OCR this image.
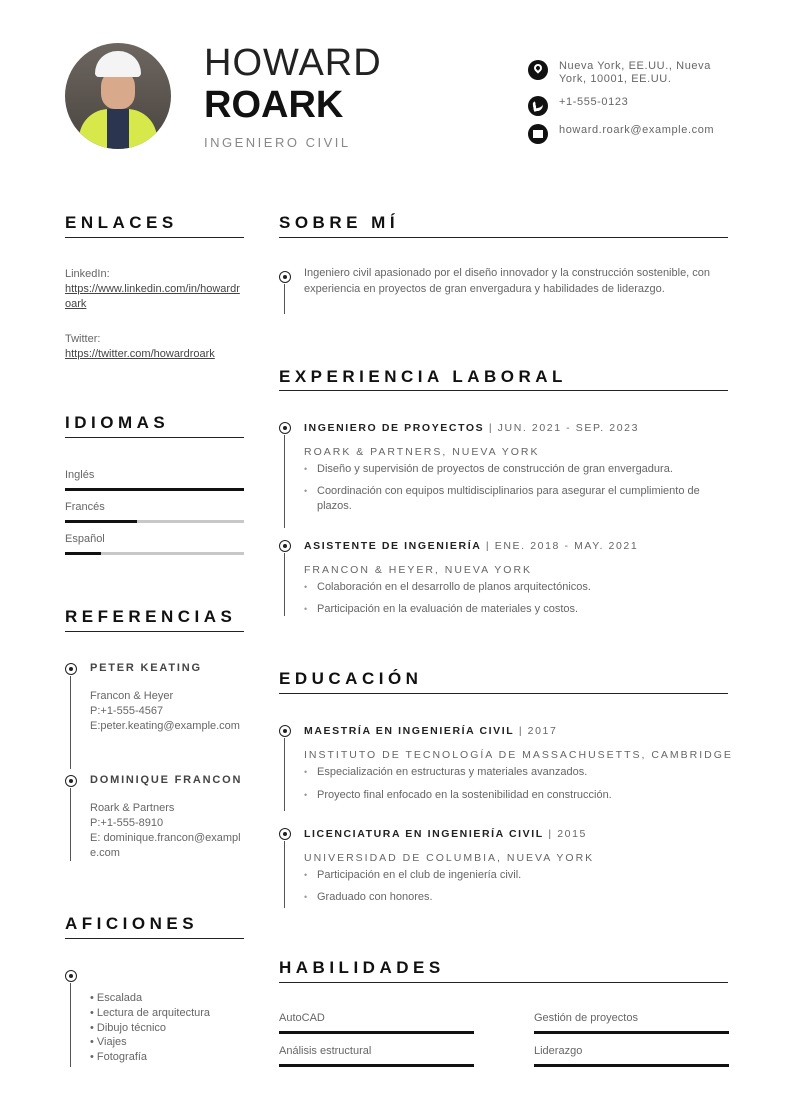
HOWARD
ROARK
INGENIERO CIVIL
Nueva York, EE.UU., Nueva York, 10001, EE.UU.
+1-555-0123
howard.roark@example.com
ENLACES
LinkedIn:
https://www.linkedin.com/in/howardroark
Twitter:
https://twitter.com/howardroark
IDIOMAS
Inglés
Francés
Español
REFERENCIAS
PETER KEATING
Francon & Heyer
P:+1-555-4567
E:peter.keating@example.com
DOMINIQUE FRANCON
Roark & Partners
P:+1-555-8910
E: dominique.francon@example.com
AFICIONES
• Escalada
• Lectura de arquitectura
• Dibujo técnico
• Viajes
• Fotografía
SOBRE MÍ
Ingeniero civil apasionado por el diseño innovador y la construcción sostenible, con experiencia en proyectos de gran envergadura y habilidades de liderazgo.
EXPERIENCIA LABORAL
INGENIERO DE PROYECTOS | JUN. 2021 - SEP. 2023
ROARK & PARTNERS, NUEVA YORK
• Diseño y supervisión de proyectos de construcción de gran envergadura.
• Coordinación con equipos multidisciplinarios para asegurar el cumplimiento de plazos.
ASISTENTE DE INGENIERÍA | ENE. 2018 - MAY. 2021
FRANCON & HEYER, NUEVA YORK
• Colaboración en el desarrollo de planos arquitectónicos.
• Participación en la evaluación de materiales y costos.
EDUCACIÓN
MAESTRÍA EN INGENIERÍA CIVIL | 2017
INSTITUTO DE TECNOLOGÍA DE MASSACHUSETTS, CAMBRIDGE
• Especialización en estructuras y materiales avanzados.
• Proyecto final enfocado en la sostenibilidad en construcción.
LICENCIATURA EN INGENIERÍA CIVIL | 2015
UNIVERSIDAD DE COLUMBIA, NUEVA YORK
• Participación en el club de ingeniería civil.
• Graduado con honores.
HABILIDADES
AutoCAD	Gestión de proyectos
Análisis estructural	Liderazgo
